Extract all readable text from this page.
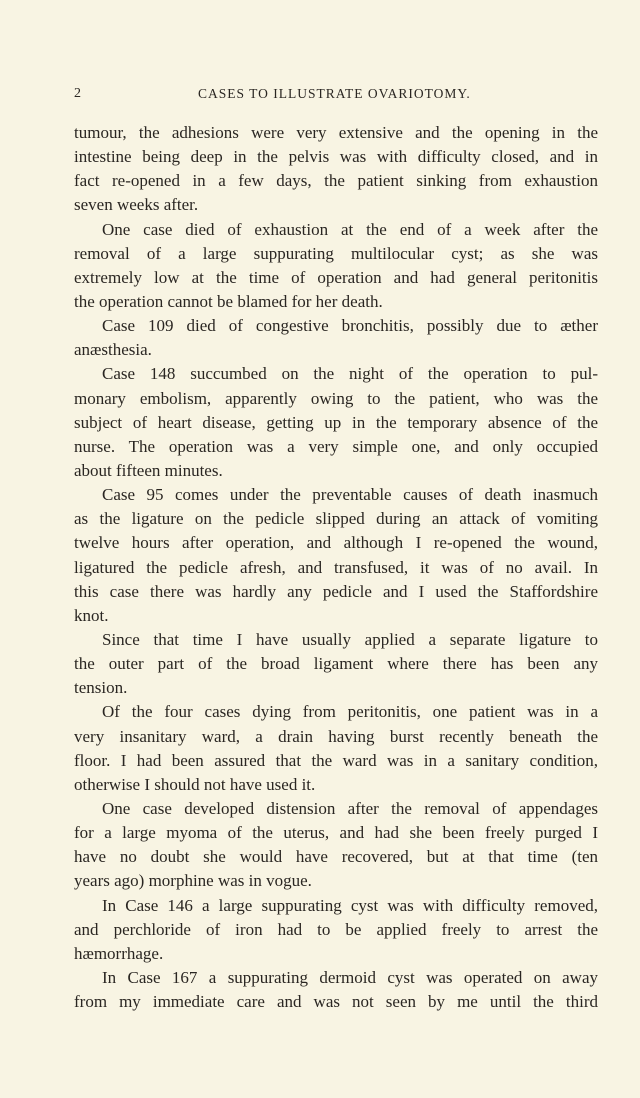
2	CASES TO ILLUSTRATE OVARIOTOMY.
tumour, the adhesions were very extensive and the opening in the
intestine being deep in the pelvis was with difficulty closed, and in
fact re-opened in a few days, the patient sinking from exhaustion
seven weeks after.
One case died of exhaustion at the end of a week after the
removal of a large suppurating multilocular cyst; as she was
extremely low at the time of operation and had general peritonitis
the operation cannot be blamed for her death.
Case 109 died of congestive bronchitis, possibly due to æther
anæsthesia.
Case 148 succumbed on the night of the operation to pul-
monary embolism, apparently owing to the patient, who was the
subject of heart disease, getting up in the temporary absence of the
nurse. The operation was a very simple one, and only occupied
about fifteen minutes.
Case 95 comes under the preventable causes of death inasmuch
as the ligature on the pedicle slipped during an attack of vomiting
twelve hours after operation, and although I re-opened the wound,
ligatured the pedicle afresh, and transfused, it was of no avail. In
this case there was hardly any pedicle and I used the Staffordshire
knot.
Since that time I have usually applied a separate ligature to
the outer part of the broad ligament where there has been any
tension.
Of the four cases dying from peritonitis, one patient was in a
very insanitary ward, a drain having burst recently beneath the
floor. I had been assured that the ward was in a sanitary condition,
otherwise I should not have used it.
One case developed distension after the removal of appendages
for a large myoma of the uterus, and had she been freely purged I
have no doubt she would have recovered, but at that time (ten
years ago) morphine was in vogue.
In Case 146 a large suppurating cyst was with difficulty removed,
and perchloride of iron had to be applied freely to arrest the
hæmorrhage.
In Case 167 a suppurating dermoid cyst was operated on away
from my immediate care and was not seen by me until the third
